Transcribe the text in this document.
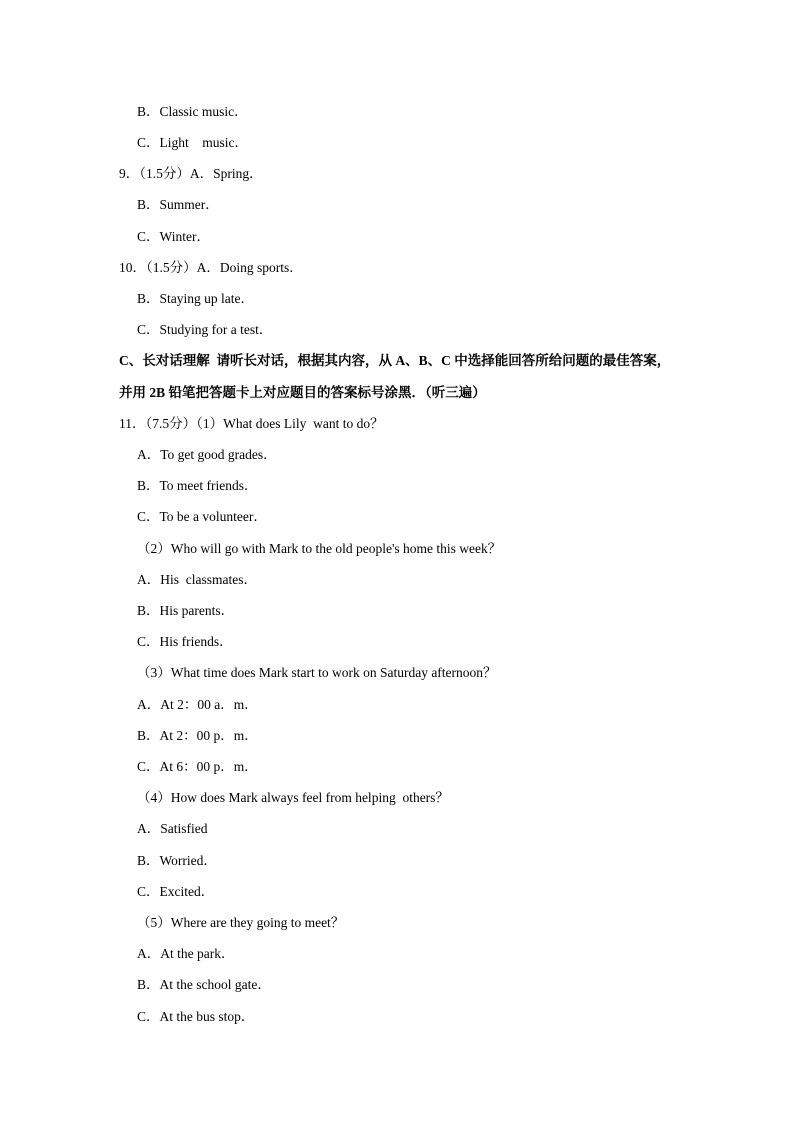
B．Classic music．
C．Light    music．
9．（1.5分）A．Spring．
B．Summer．
C．Winter．
10．（1.5分）A．Doing sports．
B．Staying up late．
C．Studying for a test．
C、长对话理解  请听长对话，根据其内容，从 A、B、C 中选择能回答所给问题的最佳答案，
并用 2B 铅笔把答题卡上对应题目的答案标号涂黑．（听三遍）
11．（7.5分）（1）What does Lily  want to do？
A．To get good grades．
B．To meet friends．
C．To be a volunteer．
（2）Who will go with Mark to the old people's home this week？
A．His  classmates．
B．His parents．
C．His friends．
（3）What time does Mark start to work on Saturday afternoon？
A．At 2：00 a．m．
B．At 2：00 p．m．
C．At 6：00 p．m．
（4）How does Mark always feel from helping  others？
A．Satisfied
B．Worried．
C．Excited．
（5）Where are they going to meet？
A．At the park．
B．At the school gate．
C．At the bus stop．
